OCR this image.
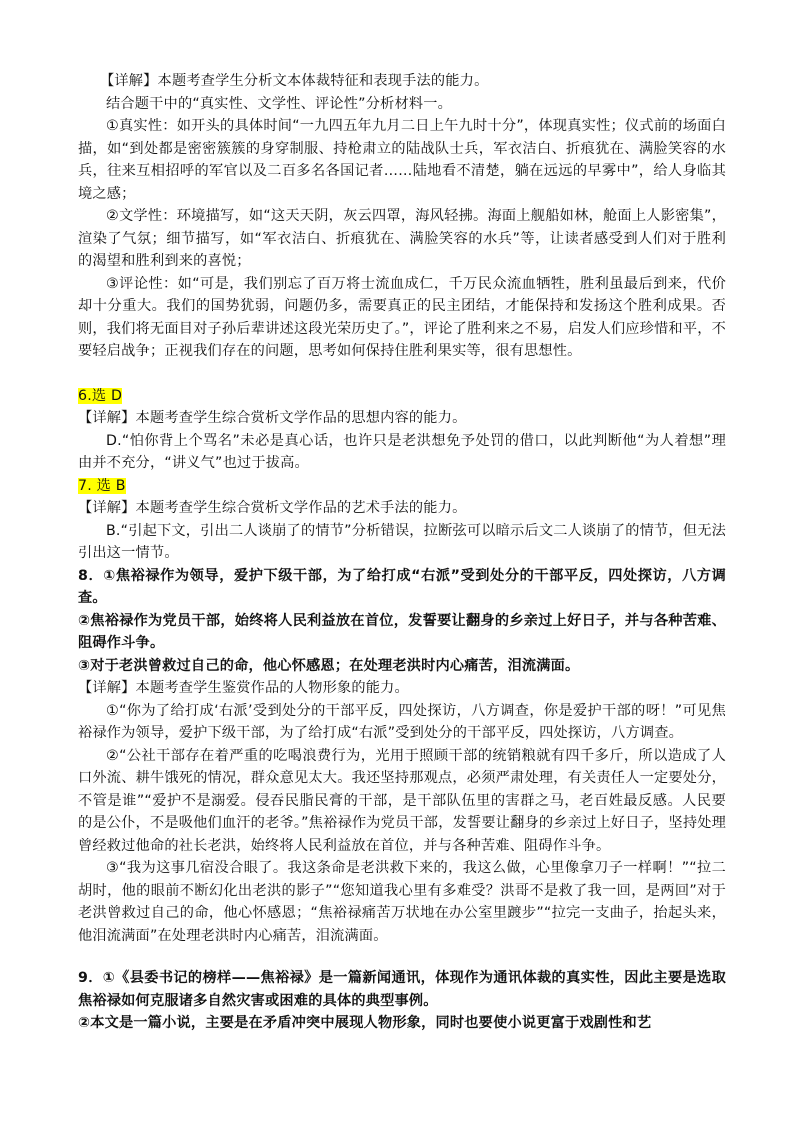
【详解】本题考查学生分析文本体裁特征和表现手法的能力。

结合题干中的“真实性、文学性、评论性”分析材料一。

①真实性：如开头的具体时间“一九四五年九月二日上午九时十分”，体现真实性；仪式前的场面白描，如“到处都是密密簇簇的身穿制服、持枪肃立的陆战队士兵，军衣洁白、折痕犹在、满脸笑容的水兵，往来互相招呼的军官以及二百多名各国记者……陆地看不清楚，躺在远远的早雾中”，给人身临其境之感；

②文学性：环境描写，如“这天天阴，灰云四罩，海风轻拂。海面上舰船如林，舱面上人影密集”，渲染了气氛；细节描写，如“军衣洁白、折痕犹在、满脸笑容的水兵”等，让读者感受到人们对于胜利的渴望和胜利到来的喜悦；

③评论性：如“可是，我们别忘了百万将士流血成仁，千万民众流血牺牲，胜利虽最后到来，代价却十分重大。我们的国势犹弱，问题仍多，需要真正的民主团结，才能保持和发扬这个胜利成果。否则，我们将无面目对子孙后辈讲述这段光荣历史了。”，评论了胜利来之不易，启发人们应珍惜和平，不要轻启战争；正视我们存在的问题，思考如何保持住胜利果实等，很有思想性。

6.选 D

【详解】本题考查学生综合赏析文学作品的思想内容的能力。

D.“怕你背上个骂名”未必是真心话，也许只是老洪想免予处罚的借口，以此判断他“为人着想”理由并不充分，“讲义气”也过于拔高。

7. 选 B

【详解】本题考查学生综合赏析文学作品的艺术手法的能力。

B.“引起下文，引出二人谈崩了的情节”分析错误，拉断弦可以暗示后文二人谈崩了的情节，但无法引出这一情节。

8．①焦裕禄作为领导，爱护下级干部，为了给打成“右派”受到处分的干部平反，四处探访，八方调查。

②焦裕禄作为党员干部，始终将人民利益放在首位，发誓要让翻身的乡亲过上好日子，并与各种苦难、阻碍作斗争。

③对于老洪曾救过自己的命，他心怀感恩；在处理老洪时内心痛苦，泪流满面。

【详解】本题考查学生鉴赏作品的人物形象的能力。

①“你为了给打成‘右派’受到处分的干部平反，四处探访，八方调查，你是爱护干部的呀！”可见焦裕禄作为领导，爱护下级干部，为了给打成“右派”受到处分的干部平反，四处探访，八方调查。

②“公社干部存在着严重的吃喝浪费行为，光用于照顾干部的统销粮就有四千多斤，所以造成了人口外流、耕牛饿死的情况，群众意见太大。我还坚持那观点，必须严肃处理，有关责任人一定要处分，不管是谁”“爱护不是溺爱。侵吞民脂民膏的干部，是干部队伍里的害群之马，老百姓最反感。人民要的是公仆，不是吸他们血汗的老爷。”焦裕禄作为党员干部，发誓要让翻身的乡亲过上好日子，坚持处理曾经救过他命的社长老洪，始终将人民利益放在首位，并与各种苦难、阻碍作斗争。

③“我为这事几宿没合眼了。我这条命是老洪救下来的，我这么做，心里像拿刀子一样啊！”“拉二胡时，他的眼前不断幻化出老洪的影子”“您知道我心里有多难受？洪哥不是救了我一回，是两回”对于老洪曾救过自己的命，他心怀感恩；“焦裕禄痛苦万状地在办公室里踱步”“拉完一支曲子，抬起头来，他泪流满面”在处理老洪时内心痛苦，泪流满面。

9．①《县委书记的榜样——焦裕禄》是一篇新闻通讯，体现作为通讯体裁的真实性，因此主要是选取焦裕禄如何克服诸多自然灾害或困难的具体的典型事例。

②本文是一篇小说，主要是在矛盾冲突中展现人物形象，同时也要使小说更富于戏剧性和艺
